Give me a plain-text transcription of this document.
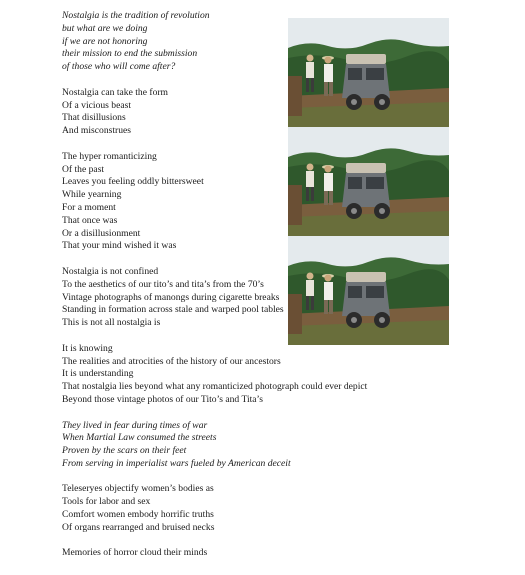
Nostalgia is the tradition of revolution
but what are we doing
if we are not honoring
their mission to end the submission
of those who will come after?
Nostalgia can take the form
Of a vicious beast
That disillusions
And misconstrues
The hyper romanticizing
Of the past
Leaves you feeling oddly bittersweet
While yearning
For a moment
That once was
Or a disillusionment
That your mind wished it was
Nostalgia is not confined
To the aesthetics of our tito’s and tita’s from the 70’s
Vintage photographs of manongs during cigarette breaks
Standing in formation across stale and warped pool tables
This is not all nostalgia is
It is knowing
The realities and atrocities of the history of our ancestors
It is understanding
That nostalgia lies beyond what any romanticized photograph could ever depict
Beyond those vintage photos of our Tito’s and Tita’s
They lived in fear during times of war
When Martial Law consumed the streets
Proven by the scars on their feet
From serving in imperialist wars fueled by American deceit
Teleseryes objectify women’s bodies as
Tools for labor and sex
Comfort women embody horrific truths
Of organs rearranged and bruised necks
Memories of horror cloud their minds
